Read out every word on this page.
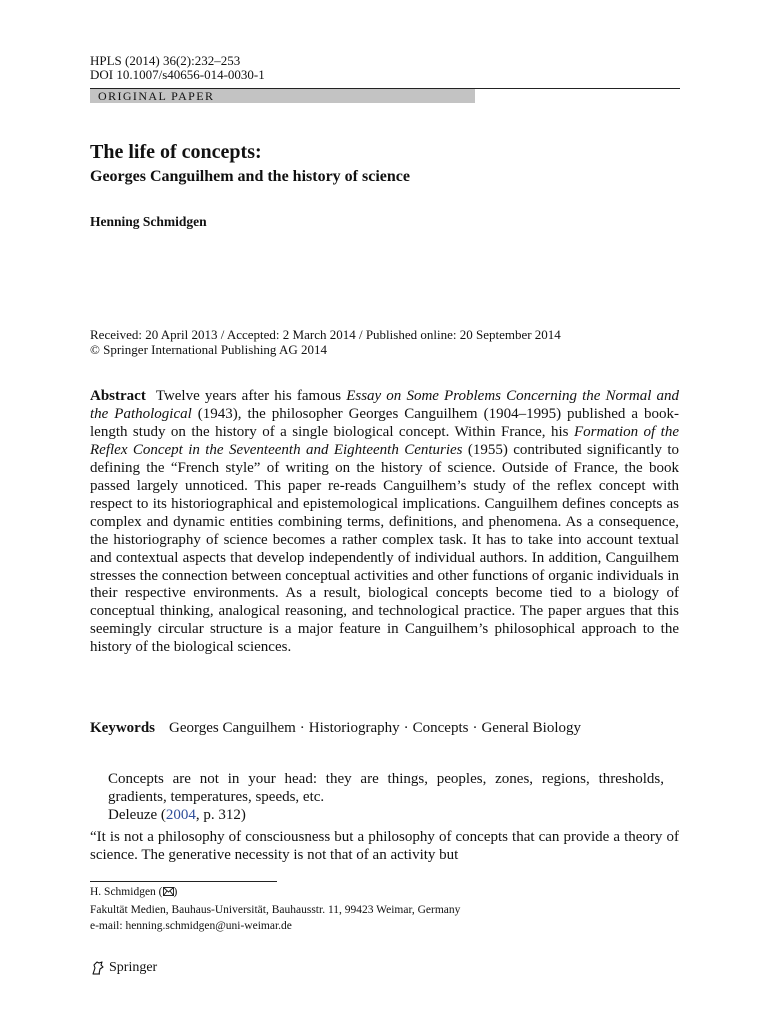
HPLS (2014) 36(2):232–253
DOI 10.1007/s40656-014-0030-1
ORIGINAL PAPER
The life of concepts:
Georges Canguilhem and the history of science
Henning Schmidgen
Received: 20 April 2013 / Accepted: 2 March 2014 / Published online: 20 September 2014
© Springer International Publishing AG 2014
Abstract Twelve years after his famous Essay on Some Problems Concerning the Normal and the Pathological (1943), the philosopher Georges Canguilhem (1904–1995) published a book-length study on the history of a single biological concept. Within France, his Formation of the Reflex Concept in the Seventeenth and Eighteenth Centuries (1955) contributed significantly to defining the “French style” of writing on the history of science. Outside of France, the book passed largely unnoticed. This paper re-reads Canguilhem’s study of the reflex concept with respect to its historiographical and epistemological implications. Canguilhem defines concepts as complex and dynamic entities combining terms, definitions, and phenomena. As a consequence, the historiography of science becomes a rather complex task. It has to take into account textual and contextual aspects that develop independently of individual authors. In addition, Canguilhem stresses the connection between conceptual activities and other functions of organic individuals in their respective environments. As a result, biological concepts become tied to a biology of conceptual thinking, analogical reasoning, and technological practice. The paper argues that this seemingly circular structure is a major feature in Canguilhem’s philosophical approach to the history of the biological sciences.
Keywords Georges Canguilhem · Historiography · Concepts · General Biology
Concepts are not in your head: they are things, peoples, zones, regions, thresholds, gradients, temperatures, speeds, etc.
Deleuze (2004, p. 312)
“It is not a philosophy of consciousness but a philosophy of concepts that can provide a theory of science. The generative necessity is not that of an activity but
H. Schmidgen ( )
Fakultät Medien, Bauhaus-Universität, Bauhausstr. 11, 99423 Weimar, Germany
e-mail: henning.schmidgen@uni-weimar.de
Springer
